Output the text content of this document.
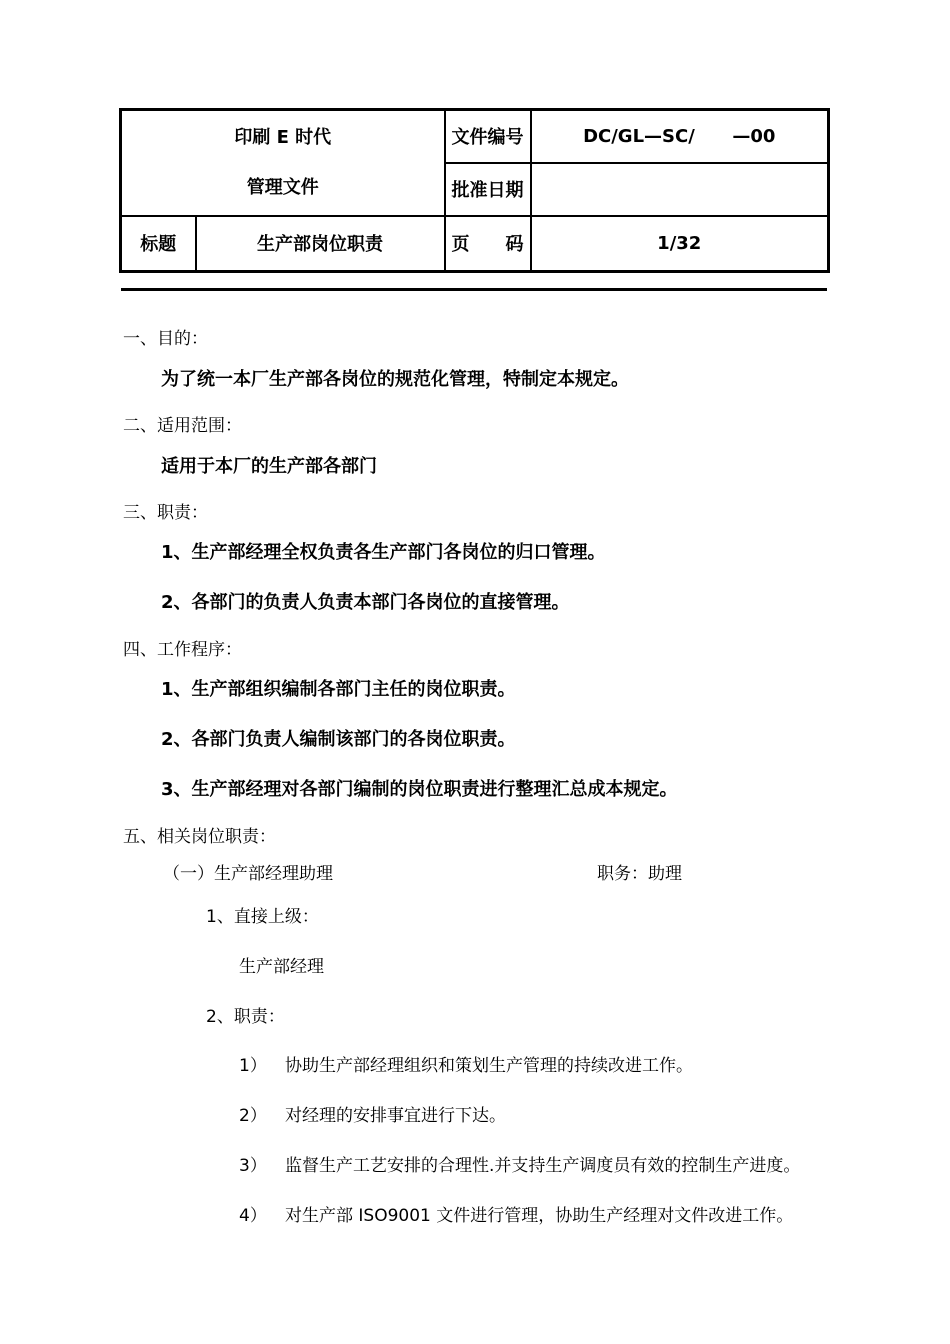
印刷 E 时代
管理文件		文件编号	DC/GL—SC/      —00
		批准日期	
标题	生产部岗位职责	页 码	1/32
一、目的：
为了统一本厂生产部各岗位的规范化管理，特制定本规定。
二、适用范围：
适用于本厂的生产部各部门
三、职责：
1、生产部经理全权负责各生产部门各岗位的归口管理。
2、各部门的负责人负责本部门各岗位的直接管理。
四、工作程序：
1、生产部组织编制各部门主任的岗位职责。
2、各部门负责人编制该部门的各岗位职责。
3、生产部经理对各部门编制的岗位职责进行整理汇总成本规定。
五、相关岗位职责：
（一）生产部经理助理	职务：助理
1、直接上级：
生产部经理
2、职责：
1） 协助生产部经理组织和策划生产管理的持续改进工作。
2） 对经理的安排事宜进行下达。
3） 监督生产工艺安排的合理性.并支持生产调度员有效的控制生产进度。
4） 对生产部 ISO9001 文件进行管理，协助生产经理对文件改进工作。
